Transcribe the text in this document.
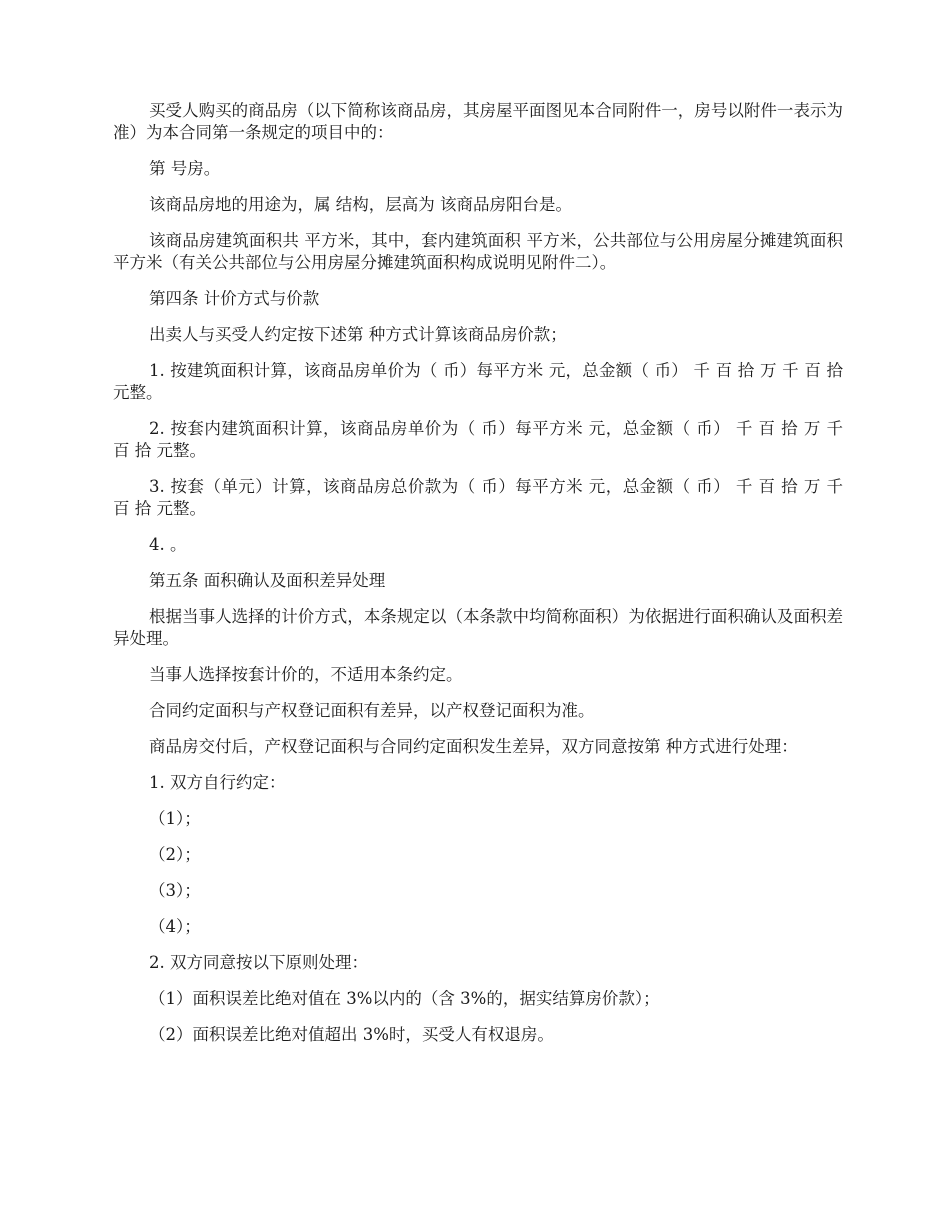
买受人购买的商品房（以下简称该商品房，其房屋平面图见本合同附件一，房号以附件一表示为准）为本合同第一条规定的项目中的：

第 号房。

该商品房地的用途为，属 结构，层高为 该商品房阳台是。

该商品房建筑面积共 平方米，其中，套内建筑面积 平方米，公共部位与公用房屋分摊建筑面积 平方米（有关公共部位与公用房屋分摊建筑面积构成说明见附件二）。

第四条 计价方式与价款

出卖人与买受人约定按下述第 种方式计算该商品房价款；

1. 按建筑面积计算，该商品房单价为（ 币）每平方米 元，总金额（ 币） 千 百 拾 万 千 百 拾 元整。

2. 按套内建筑面积计算，该商品房单价为（ 币）每平方米 元，总金额（ 币） 千 百 拾 万 千 百 拾 元整。

3. 按套（单元）计算，该商品房总价款为（ 币）每平方米 元，总金额（ 币） 千 百 拾 万 千 百 拾 元整。

4. 。

第五条 面积确认及面积差异处理

根据当事人选择的计价方式，本条规定以（本条款中均简称面积）为依据进行面积确认及面积差异处理。

当事人选择按套计价的，不适用本条约定。

合同约定面积与产权登记面积有差异，以产权登记面积为准。

商品房交付后，产权登记面积与合同约定面积发生差异，双方同意按第 种方式进行处理：

1. 双方自行约定：

（1）；

（2）；

（3）；

（4）；

2. 双方同意按以下原则处理：

（1）面积误差比绝对值在 3%以内的（含 3%的，据实结算房价款）；

（2）面积误差比绝对值超出 3%时，买受人有权退房。
